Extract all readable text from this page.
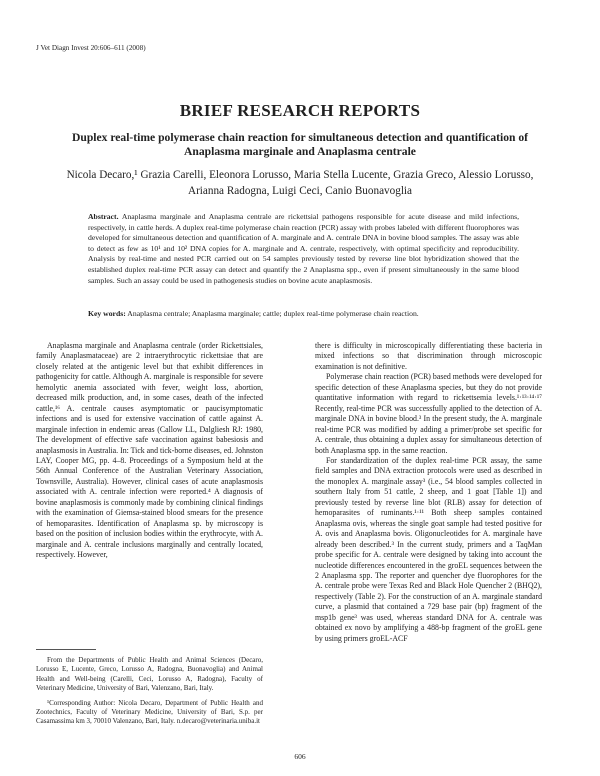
J Vet Diagn Invest 20:606–611 (2008)
BRIEF RESEARCH REPORTS
Duplex real-time polymerase chain reaction for simultaneous detection and quantification of Anaplasma marginale and Anaplasma centrale
Nicola Decaro,¹ Grazia Carelli, Eleonora Lorusso, Maria Stella Lucente, Grazia Greco, Alessio Lorusso, Arianna Radogna, Luigi Ceci, Canio Buonavoglia
Abstract. Anaplasma marginale and Anaplasma centrale are rickettsial pathogens responsible for acute disease and mild infections, respectively, in cattle herds. A duplex real-time polymerase chain reaction (PCR) assay with probes labeled with different fluorophores was developed for simultaneous detection and quantification of A. marginale and A. centrale DNA in bovine blood samples. The assay was able to detect as few as 10¹ and 10² DNA copies for A. marginale and A. centrale, respectively, with optimal specificity and reproducibility. Analysis by real-time and nested PCR carried out on 54 samples previously tested by reverse line blot hybridization showed that the established duplex real-time PCR assay can detect and quantify the 2 Anaplasma spp., even if present simultaneously in the same blood samples. Such an assay could be used in pathogenesis studies on bovine acute anaplasmosis.
Key words: Anaplasma centrale; Anaplasma marginale; cattle; duplex real-time polymerase chain reaction.

Anaplasma marginale and Anaplasma centrale (order Rickettsiales, family Anaplasmataceae) are 2 intraerythrocytic rickettsiae that are closely related at the antigenic level but that exhibit differences in pathogenicity for cattle. Although A. marginale is responsible for severe hemolytic anemia associated with fever, weight loss, abortion, decreased milk production, and, in some cases, death of the infected cattle,¹⁶ A. centrale causes asymptomatic or paucisymptomatic infections and is used for extensive vaccination of cattle against A. marginale infection in endemic areas (Callow LL, Dalgliesh RJ: 1980, The development of effective safe vaccination against babesiosis and anaplasmosis in Australia. In: Tick and tick-borne diseases, ed. Johnston LAY, Cooper MG, pp. 4–8. Proceedings of a Symposium held at the 56th Annual Conference of the Australian Veterinary Association, Townsville, Australia). However, clinical cases of acute anaplasmosis associated with A. centrale infection were reported.⁴ A diagnosis of bovine anaplasmosis is commonly made by combining clinical findings with the examination of Giemsa-stained blood smears for the presence of hemoparasites. Identification of Anaplasma sp. by microscopy is based on the position of inclusion bodies within the erythrocyte, with A. marginale and A. centrale inclusions marginally and centrally located, respectively. However,

there is difficulty in microscopically differentiating these bacteria in mixed infections so that discrimination through microscopic examination is not definitive.

Polymerase chain reaction (PCR) based methods were developed for specific detection of these Anaplasma species, but they do not provide quantitative information with regard to rickettsemia levels.¹·¹³·¹⁴·¹⁷ Recently, real-time PCR was successfully applied to the detection of A. marginale DNA in bovine blood.³ In the present study, the A. marginale real-time PCR was modified by adding a primer/probe set specific for A. centrale, thus obtaining a duplex assay for simultaneous detection of both Anaplasma spp. in the same reaction.

For standardization of the duplex real-time PCR assay, the same field samples and DNA extraction protocols were used as described in the monoplex A. marginale assay³ (i.e., 54 blood samples collected in southern Italy from 51 cattle, 2 sheep, and 1 goat [Table 1]) and previously tested by reverse line blot (RLB) assay for detection of hemoparasites of ruminants.¹·¹¹ Both sheep samples contained Anaplasma ovis, whereas the single goat sample had tested positive for A. ovis and Anaplasma bovis. Oligonucleotides for A. marginale have already been described.³ In the current study, primers and a TaqMan probe specific for A. centrale were designed by taking into account the nucleotide differences encountered in the groEL sequences between the 2 Anaplasma spp. The reporter and quencher dye fluorophores for the A. centrale probe were Texas Red and Black Hole Quencher 2 (BHQ2), respectively (Table 2). For the construction of an A. marginale standard curve, a plasmid that contained a 729 base pair (bp) fragment of the msp1b gene³ was used, whereas standard DNA for A. centrale was obtained ex novo by amplifying a 488-bp fragment of the groEL gene by using primers groEL-ACF

From the Departments of Public Health and Animal Sciences (Decaro, Lorusso E, Lucente, Greco, Lorusso A, Radogna, Buonavoglia) and Animal Health and Well-being (Carelli, Ceci, Lorusso A, Radogna), Faculty of Veterinary Medicine, University of Bari, Valenzano, Bari, Italy.

¹Corresponding Author: Nicola Decaro, Department of Public Health and Zootechnics, Faculty of Veterinary Medicine, University of Bari, S.p. per Casamassima km 3, 70010 Valenzano, Bari, Italy. n.decaro@veterinaria.uniba.it

606
